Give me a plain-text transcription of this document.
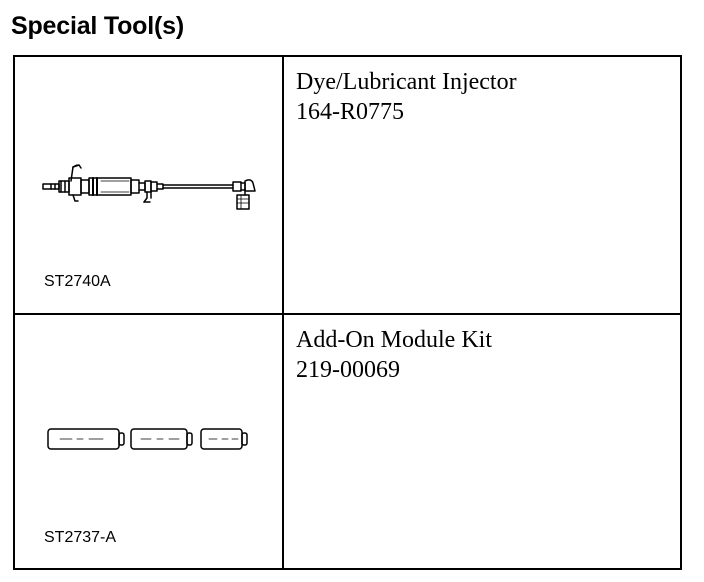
Special Tool(s)
ST2740A
Dye/Lubricant Injector
164-R0775
ST2737-A
Add-On Module Kit
219-00069
